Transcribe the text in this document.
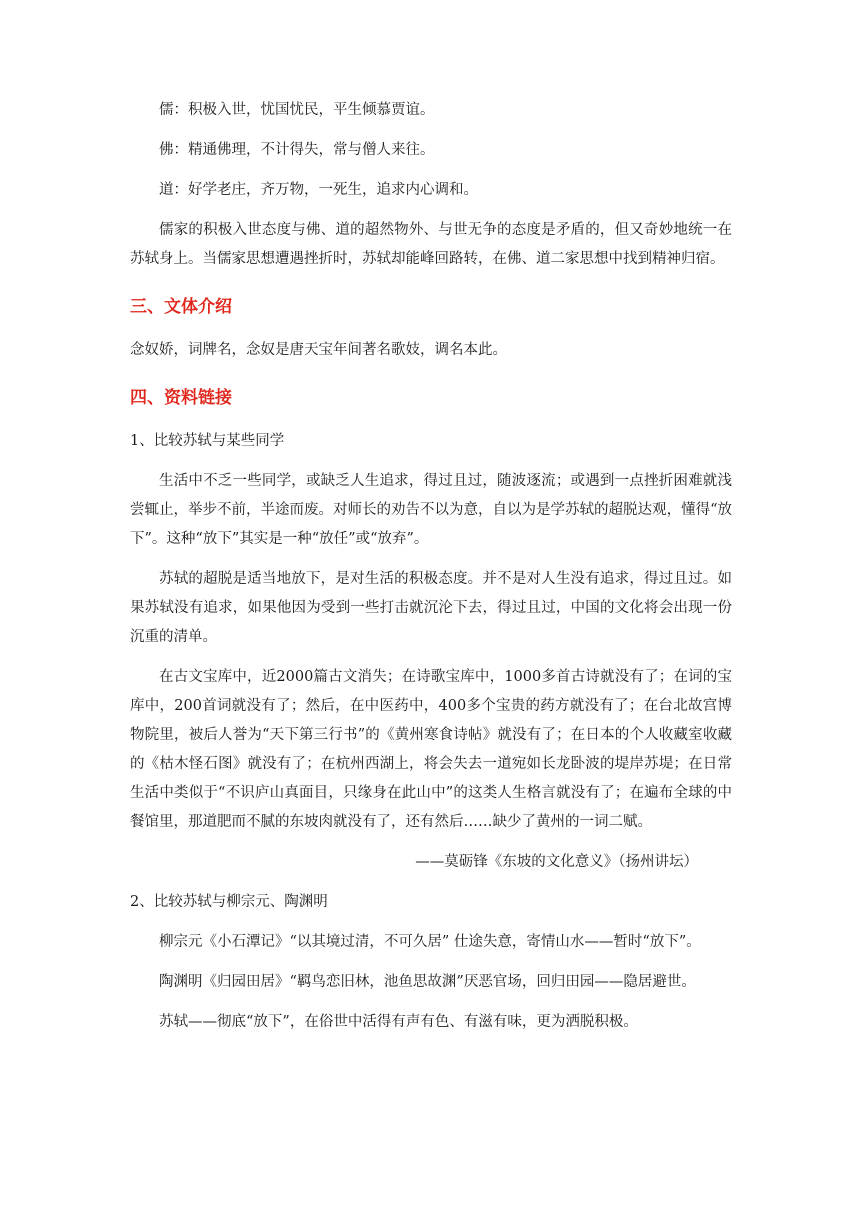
儒：积极入世，忧国忧民，平生倾慕贾谊。

佛：精通佛理，不计得失，常与僧人来往。

道：好学老庄，齐万物，一死生，追求内心调和。

儒家的积极入世态度与佛、道的超然物外、与世无争的态度是矛盾的，但又奇妙地统一在苏轼身上。当儒家思想遭遇挫折时，苏轼却能峰回路转，在佛、道二家思想中找到精神归宿。

三、文体介绍

念奴娇，词牌名，念奴是唐天宝年间著名歌妓，调名本此。

四、资料链接

1、比较苏轼与某些同学

生活中不乏一些同学，或缺乏人生追求，得过且过，随波逐流；或遇到一点挫折困难就浅尝辄止，举步不前，半途而废。对师长的劝告不以为意，自以为是学苏轼的超脱达观，懂得“放下”。这种“放下”其实是一种“放任”或“放弃”。

苏轼的超脱是适当地放下，是对生活的积极态度。并不是对人生没有追求，得过且过。如果苏轼没有追求，如果他因为受到一些打击就沉沦下去，得过且过，中国的文化将会出现一份沉重的清单。

在古文宝库中，近2000篇古文消失；在诗歌宝库中，1000多首古诗就没有了；在词的宝库中，200首词就没有了；然后，在中医药中，400多个宝贵的药方就没有了；在台北故宫博物院里，被后人誉为“天下第三行书”的《黄州寒食诗帖》就没有了；在日本的个人收藏室收藏的《枯木怪石图》就没有了；在杭州西湖上，将会失去一道宛如长龙卧波的堤岸苏堤；在日常生活中类似于“不识庐山真面目，只缘身在此山中”的这类人生格言就没有了；在遍布全球的中餐馆里，那道肥而不腻的东坡肉就没有了，还有然后……缺少了黄州的一词二赋。

——莫砺锋《东坡的文化意义》（扬州讲坛）

2、比较苏轼与柳宗元、陶渊明

柳宗元《小石潭记》“以其境过清，不可久居” 仕途失意，寄情山水——暂时“放下”。

陶渊明《归园田居》“羁鸟恋旧林，池鱼思故渊”厌恶官场，回归田园——隐居避世。

苏轼——彻底“放下”，在俗世中活得有声有色、有滋有味，更为洒脱积极。
